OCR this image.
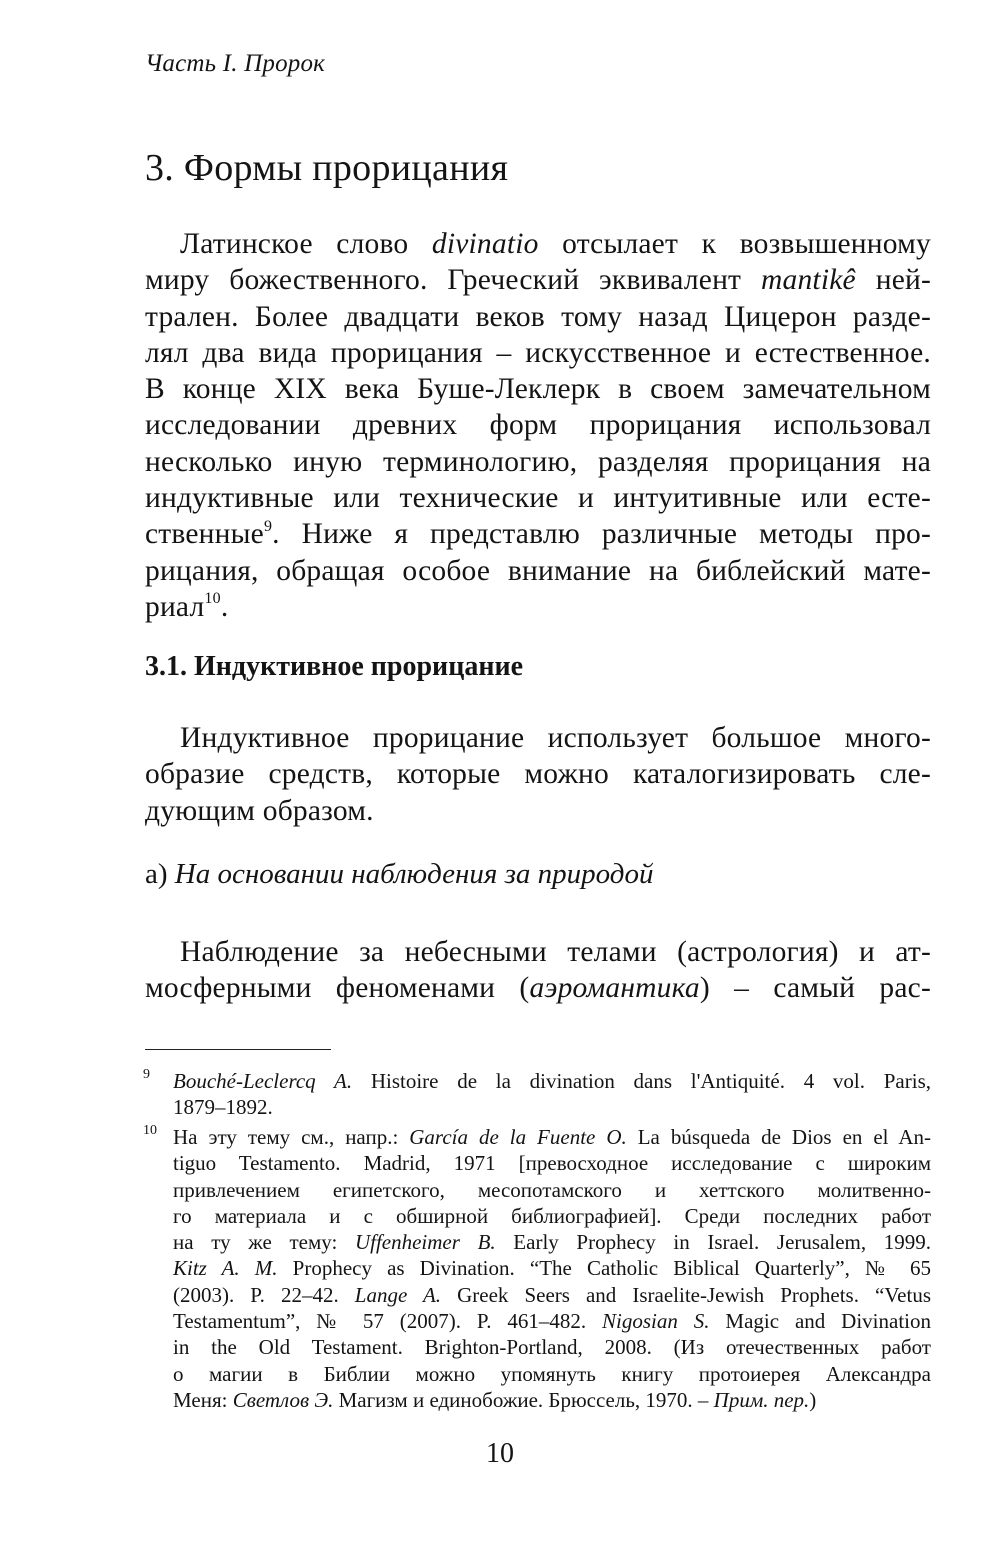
Часть I. Пророк
3. Формы прорицания
Латинское слово divinatio отсылает к возвышенному
миру божественного. Греческий эквивалент mantikê ней-
трален. Более двадцати веков тому назад Цицерон разде-
лял два вида прорицания – искусственное и естественное.
В конце XIX века Буше-Леклерк в своем замечательном
исследовании древних форм прорицания использовал
несколько иную терминологию, разделяя прорицания на
индуктивные или технические и интуитивные или есте-
ственные$^9$. Ниже я представлю различные методы про-
рицания, обращая особое внимание на библейский мате-
риал$^{10}$.
3.1. Индуктивное прорицание
Индуктивное прорицание использует большое много-
образие средств, которые можно каталогизировать сле-
дующим образом.
а) На основании наблюдения за природой
Наблюдение за небесными телами (астрология) и ат-
мосферными феноменами (аэромантика) – самый рас-
9 Bouché-Leclercq A. Histoire de la divination dans l'Antiquité. 4 vol. Paris,
1879–1892.
10 На эту тему см., напр.: García de la Fuente O. La búsqueda de Dios en el An-
tiguo Testamento. Madrid, 1971 [превосходное исследование с широким
привлечением египетского, месопотамского и хеттского молитвенно-
го материала и с обширной библиографией]. Среди последних работ
на ту же тему: Uffenheimer B. Early Prophecy in Israel. Jerusalem, 1999.
Kitz A. M. Prophecy as Divination. “The Catholic Biblical Quarterly”, № 65
(2003). P. 22–42. Lange A. Greek Seers and Israelite-Jewish Prophets. “Vetus
Testamentum”, № 57 (2007). P. 461–482. Nigosian S. Magic and Divination
in the Old Testament. Brighton-Portland, 2008. (Из отечественных работ
о магии в Библии можно упомянуть книгу протоиерея Александра
Меня: Светлов Э. Магизм и единобожие. Брюссель, 1970. – Прим. пер.)
10
